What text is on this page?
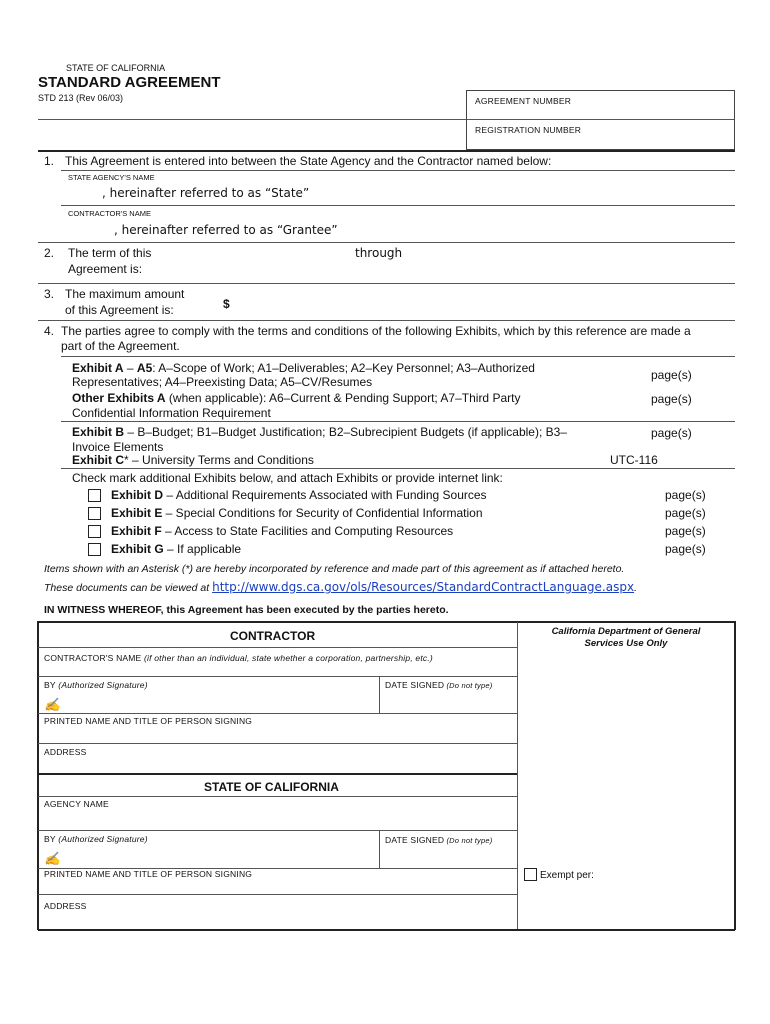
STATE OF CALIFORNIA
STANDARD AGREEMENT
STD 213 (Rev 06/03)	AGREEMENT NUMBER
REGISTRATION NUMBER
1. This Agreement is entered into between the State Agency and the Contractor named below:
STATE AGENCY'S NAME
, hereinafter referred to as “State”
CONTRACTOR'S NAME
, hereinafter referred to as “Grantee”
2. The term of this
Agreement is:
through
3. The maximum amount
of this Agreement is:	$
4. The parties agree to comply with the terms and conditions of the following Exhibits, which by this reference are made a
part of the Agreement.
Exhibit A – A5: A–Scope of Work; A1–Deliverables; A2–Key Personnel; A3–Authorized
Representatives; A4–Preexisting Data; A5–CV/Resumes	page(s)
Other Exhibits A (when applicable): A6–Current & Pending Support; A7–Third Party
Confidential Information Requirement
page(s)
Exhibit B – B–Budget; B1–Budget Justification; B2–Subrecipient Budgets (if applicable); B3–
Invoice Elements
page(s)
Exhibit C* – University Terms and Conditions	UTC-116
Check mark additional Exhibits below, and attach Exhibits or provide internet link:
Exhibit D – Additional Requirements Associated with Funding Sources	page(s)
Exhibit E – Special Conditions for Security of Confidential Information	page(s)
Exhibit F – Access to State Facilities and Computing Resources	page(s)
Exhibit G – If applicable	page(s)
Items shown with an Asterisk (*) are hereby incorporated by reference and made part of this agreement as if attached hereto.
These documents can be viewed at http://www.dgs.ca.gov/ols/Resources/StandardContractLanguage.aspx.
IN WITNESS WHEREOF, this Agreement has been executed by the parties hereto.
CONTRACTOR
CONTRACTOR'S NAME (if other than an individual, state whether a corporation, partnership, etc.)
BY (Authorized Signature)	DATE SIGNED (Do not type)
✍
PRINTED NAME AND TITLE OF PERSON SIGNING
ADDRESS
STATE OF CALIFORNIA
AGENCY NAME
BY (Authorized Signature)	DATE SIGNED (Do not type)
✍
PRINTED NAME AND TITLE OF PERSON SIGNING
ADDRESS
California Department of General
Services Use Only
Exempt per:
